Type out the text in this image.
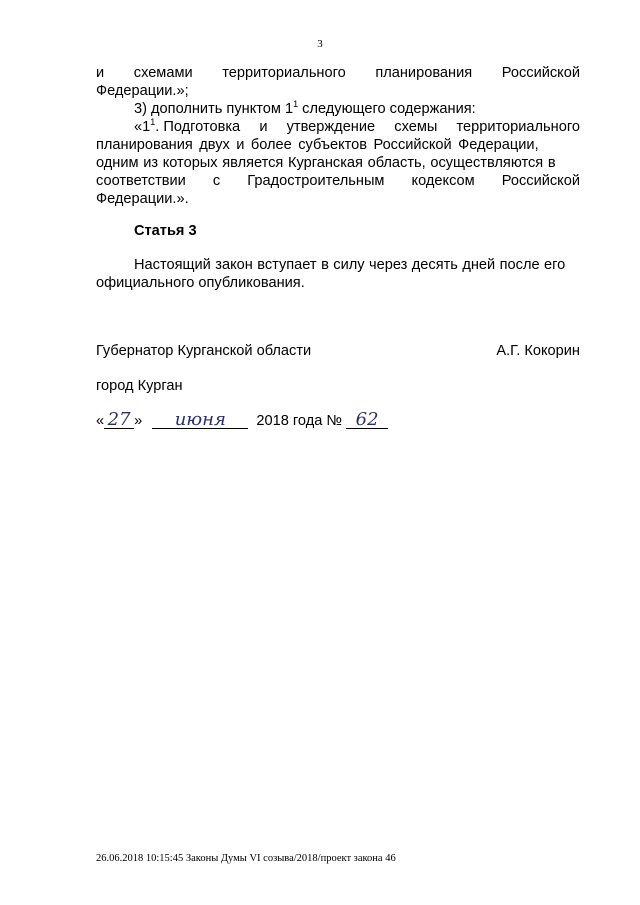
3
и схемами территориального планирования Российской
Федерации.»;
3) дополнить пунктом $1^1$ следующего содержания:
«11. Подготовка и утверждение схемы территориального
планирования двух и более субъектов Российской Федерации,
одним из которых является Курганская область, осуществляются в
соответствии с Градостроительным кодексом Российской
Федерации.».
Статья 3
Настоящий закон вступает в силу через десять дней после его
официального опубликования.
Губернатор Курганской области	А.Г. Кокорин
город Курган
« 27 » июня 2018 года № 62
26.06.2018 10:15:45 Законы Думы VI созыва/2018/проект закона 46
